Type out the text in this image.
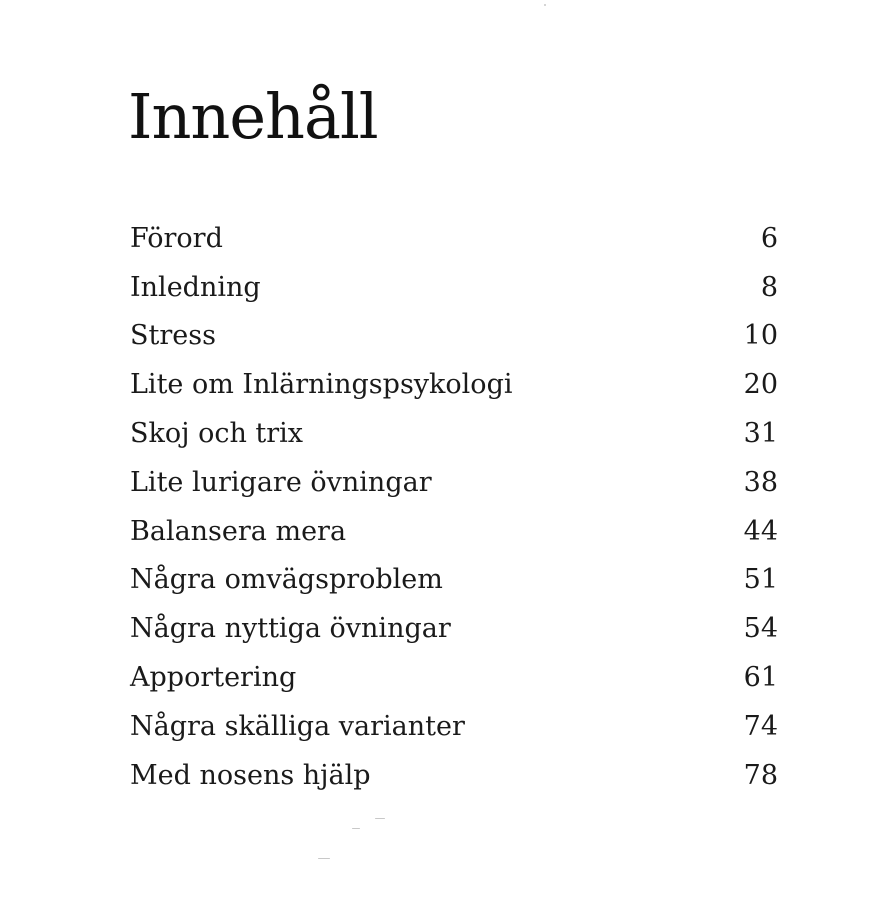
Innehåll
Förord	6
Inledning	8
Stress	10
Lite om Inlärningspsykologi	20
Skoj och trix	31
Lite lurigare övningar	38
Balansera mera	44
Några omvägsproblem	51
Några nyttiga övningar	54
Apportering	61
Några skälliga varianter	74
Med nosens hjälp	78
